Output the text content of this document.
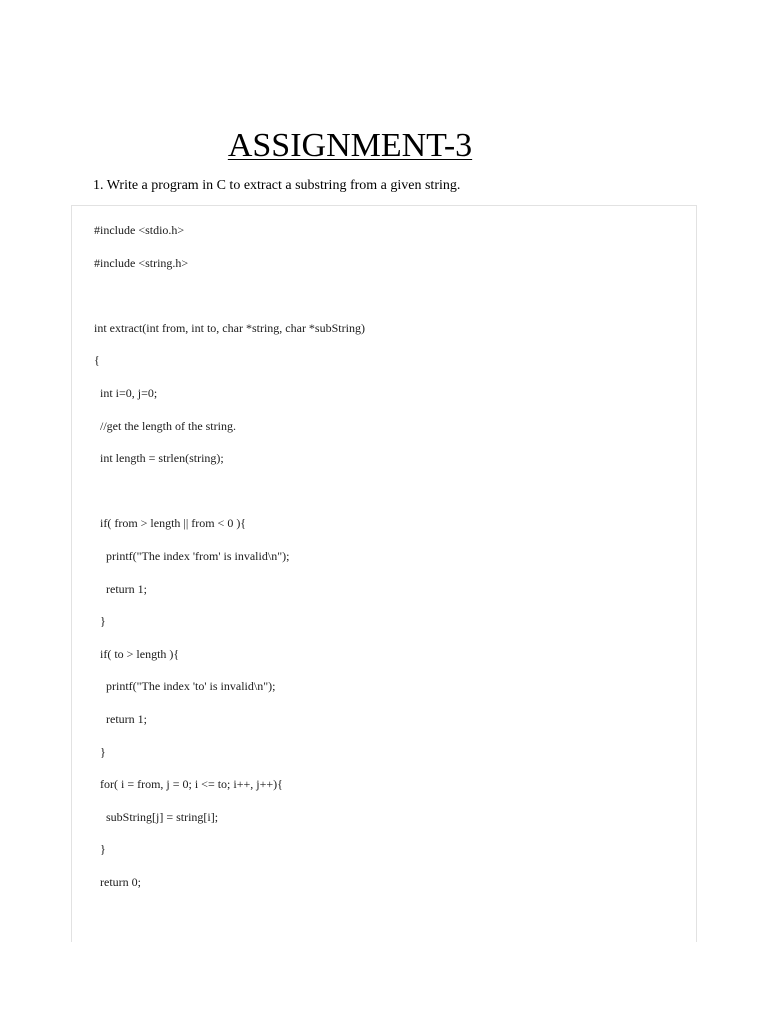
ASSIGNMENT-3
1. Write a program in C to extract a substring from a given string.
#include <stdio.h>
#include <string.h>
int extract(int from, int to, char *string, char *subString)
{
int i=0, j=0;
//get the length of the string.
int length = strlen(string);
if( from > length || from < 0 ){
printf("The index 'from' is invalid\n");
return 1;
}
if( to > length ){
printf("The index 'to' is invalid\n");
return 1;
}
for( i = from, j = 0; i <= to; i++, j++){
subString[j] = string[i];
}
return 0;
